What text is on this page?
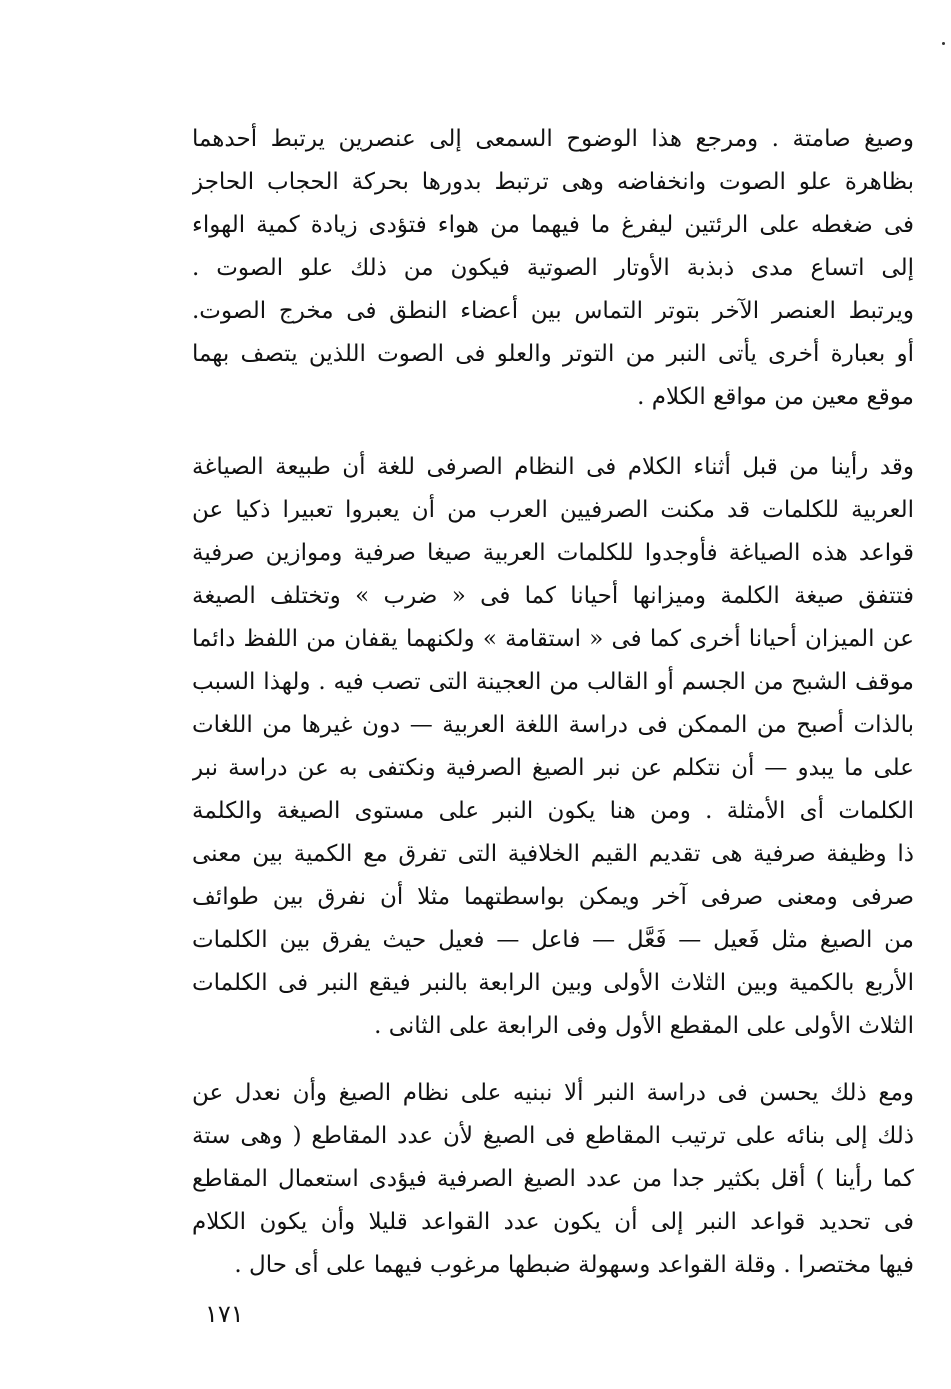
وصيغ صامتة . ومرجع هذا الوضوح السمعى إلى عنصرين يرتبط أحدهما
بظاهرة علو الصوت وانخفاضه وهى ترتبط بدورها بحركة الحجاب الحاجز
فى ضغطه على الرئتين ليفرغ ما فيهما من هواء فتؤدى زيادة كمية الهواء
إلى اتساع مدى ذبذبة الأوتار الصوتية فيكون من ذلك علو الصوت .
ويرتبط العنصر الآخر بتوتر التماس بين أعضاء النطق فى مخرج الصوت.
أو بعبارة أخرى يأتى النبر من التوتر والعلو فى الصوت اللذين يتصف بهما
موقع معين من مواقع الكلام .
وقد رأينا من قبل أثناء الكلام فى النظام الصرفى للغة أن طبيعة الصياغة
العربية للكلمات قد مكنت الصرفيين العرب من أن يعبروا تعبيرا ذكيا عن
قواعد هذه الصياغة فأوجدوا للكلمات العربية صيغا صرفية وموازين صرفية
فتتفق صيغة الكلمة وميزانها أحيانا كما فى « ضرب » وتختلف الصيغة
عن الميزان أحيانا أخرى كما فى « استقامة » ولكنهما يقفان من اللفظ دائما
موقف الشبح من الجسم أو القالب من العجينة التى تصب فيه . ولهذا السبب
بالذات أصبح من الممكن فى دراسة اللغة العربية — دون غيرها من اللغات
على ما يبدو — أن نتكلم عن نبر الصيغ الصرفية ونكتفى به عن دراسة نبر
الكلمات أى الأمثلة . ومن هنا يكون النبر على مستوى الصيغة والكلمة
ذا وظيفة صرفية هى تقديم القيم الخلافية التى تفرق مع الكمية بين معنى
صرفى ومعنى صرفى آخر ويمكن بواسطتهما مثلا أن نفرق بين طوائف
من الصيغ مثل فَعيل — فَعَّل — فاعل — فعيل حيث يفرق بين الكلمات
الأربع بالكمية وبين الثلاث الأولى وبين الرابعة بالنبر فيقع النبر فى الكلمات
الثلاث الأولى على المقطع الأول وفى الرابعة على الثانى .
ومع ذلك يحسن فى دراسة النبر ألا نبنيه على نظام الصيغ وأن نعدل عن
ذلك إلى بنائه على ترتيب المقاطع فى الصيغ لأن عدد المقاطع ( وهى ستة
كما رأينا ) أقل بكثير جدا من عدد الصيغ الصرفية فيؤدى استعمال المقاطع
فى تحديد قواعد النبر إلى أن يكون عدد القواعد قليلا وأن يكون الكلام
فيها مختصرا . وقلة القواعد وسهولة ضبطها مرغوب فيهما على أى حال .
١٧١
